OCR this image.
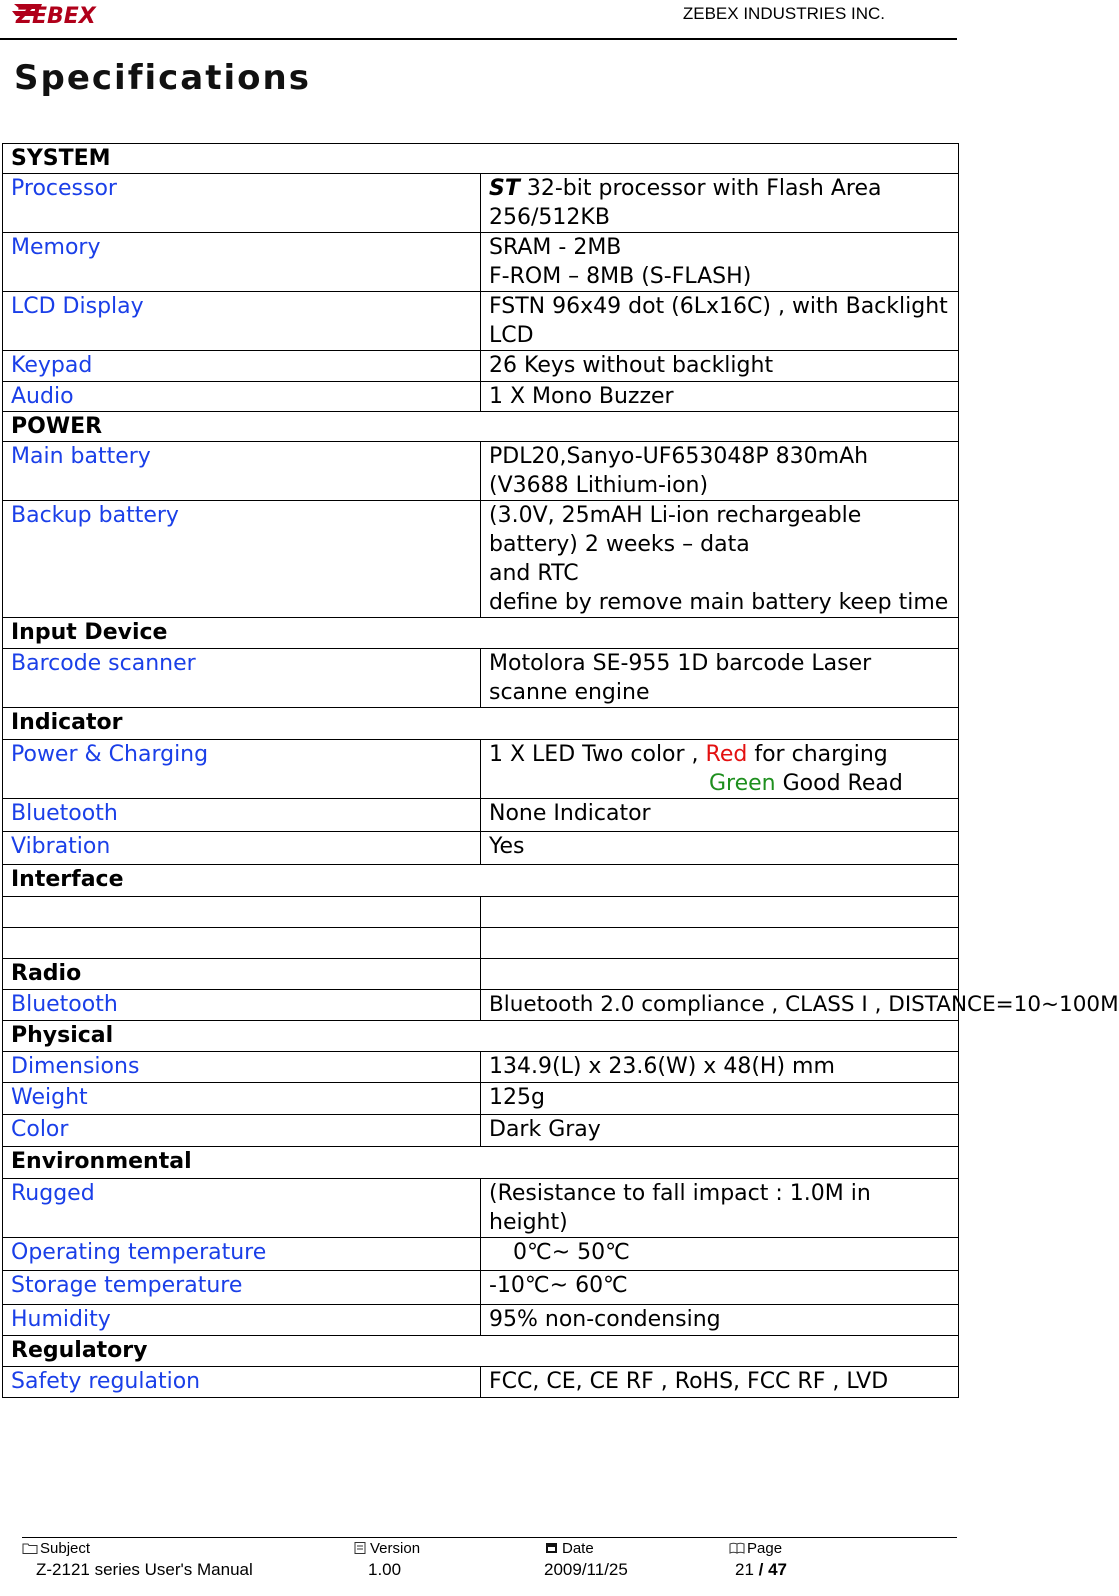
ZEBEX	ZEBEX INDUSTRIES INC.
Specifications
SYSTEM	
Processor	ST 32-bit processor with Flash Area 256/512KB
Memory	SRAM - 2MB
F-ROM – 8MB (S-FLASH)

LCD Display	FSTN 96x49 dot (6Lx16C) , with Backlight LCD
Keypad	26 Keys without backlight
Audio	1 X Mono Buzzer
POWER	
Main battery	PDL20,Sanyo-UF653048P 830mAh (V3688 Lithium-ion)
Backup battery	(3.0V, 25mAH Li-ion rechargeable battery) 2 weeks – data
and RTC
define by remove main battery keep time

Input Device	
Barcode scanner	Motolora SE-955 1D barcode Laser scanne engine
Indicator	
Power & Charging	1 X LED Two color , Red for charging
Green Good Read

Bluetooth	None Indicator
Vibration	Yes
Interface	

Radio	
Bluetooth	Bluetooth 2.0 compliance , CLASS I , DISTANCE=10~100M
Physical	
Dimensions	134.9(L) x 23.6(W) x 48(H) mm
Weight	125g
Color	Dark Gray
Environmental	
Rugged	(Resistance to fall impact : 1.0M in height)
Operating temperature	0℃~ 50℃
Storage temperature	-10℃~ 60℃
Humidity	95% non-condensing
Regulatory	
Safety regulation	FCC, CE, CE RF , RoHS, FCC RF , LVD
Subject
Z-2121 series User's Manual
Version
1.00
Date
2009/11/25
Page
21 / 47
